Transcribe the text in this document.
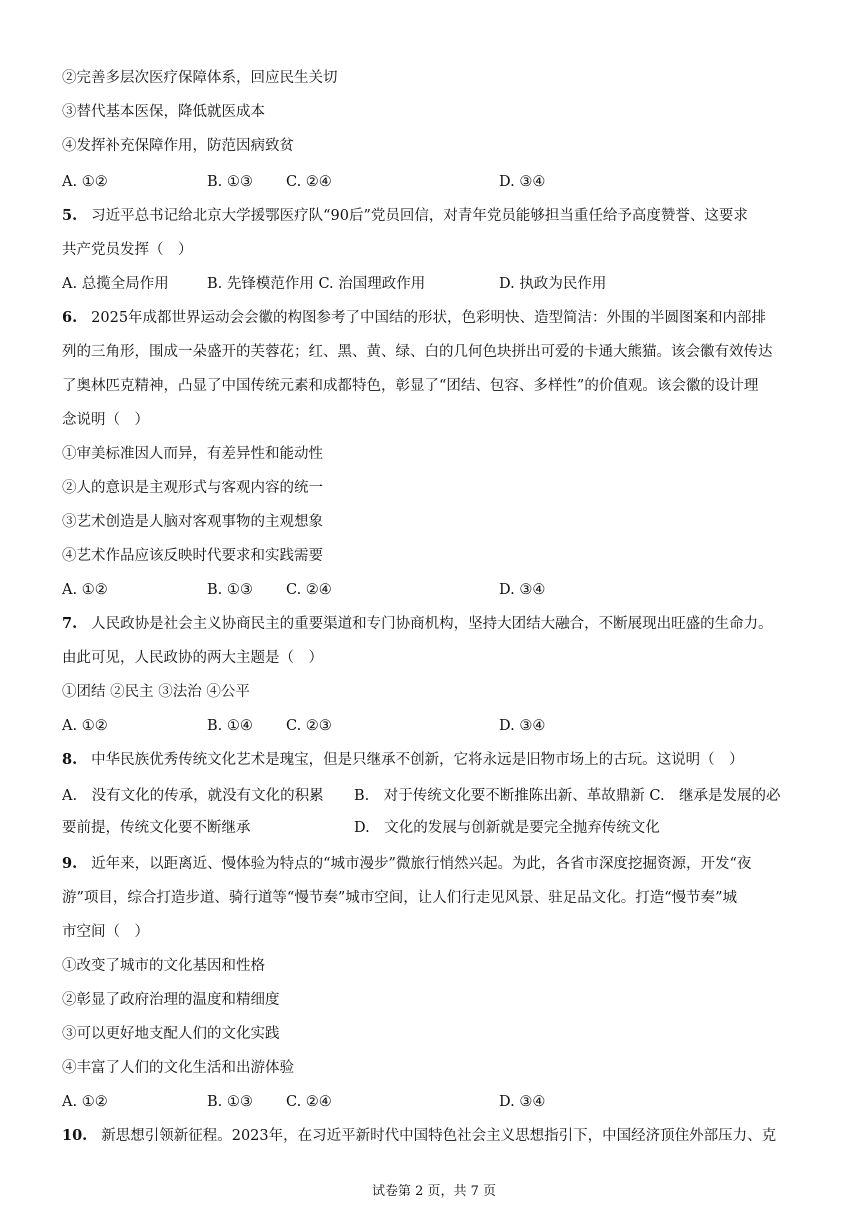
②完善多层次医疗保障体系，回应民生关切
③替代基本医保，降低就医成本
④发挥补充保障作用，防范因病致贫
A. ①②	B. ①③ C. ②④	D. ③④
5. 习近平总书记给北京大学援鄂医疗队“90后”党员回信，对青年党员能够担当重任给予高度赞誉、这要求
共产党员发挥（　）
A. 总揽全局作用	B. 先锋模范作用 C. 治国理政作用	D. 执政为民作用
6. 2025年成都世界运动会会徽的构图参考了中国结的形状，色彩明快、造型简洁：外围的半圆图案和内部排
列的三角形，围成一朵盛开的芙蓉花；红、黑、黄、绿、白的几何色块拼出可爱的卡通大熊猫。该会徽有效传达
了奥林匹克精神，凸显了中国传统元素和成都特色，彰显了“团结、包容、多样性”的价值观。该会徽的设计理
念说明（　）
①审美标准因人而异，有差异性和能动性
②人的意识是主观形式与客观内容的统一
③艺术创造是人脑对客观事物的主观想象
④艺术作品应该反映时代要求和实践需要
A. ①②	B. ①③ C. ②④	D. ③④
7. 人民政协是社会主义协商民主的重要渠道和专门协商机构，坚持大团结大融合，不断展现出旺盛的生命力。
由此可见，人民政协的两大主题是（　）
①团结 ②民主 ③法治 ④公平
A. ①②	B. ①④ C. ②③	D. ③④
8. 中华民族优秀传统文化艺术是瑰宝，但是只继承不创新，它将永远是旧物市场上的古玩。这说明（　）
A.　没有文化的传承，就没有文化的积累 B.　对于传统文化要不断推陈出新、革故鼎新 C.　继承是发展的必
要前提，传统文化要不断继承	D.　文化的发展与创新就是要完全抛弃传统文化
9. 近年来，以距离近、慢体验为特点的“城市漫步”微旅行悄然兴起。为此，各省市深度挖掘资源，开发“夜
游”项目，综合打造步道、骑行道等“慢节奏”城市空间，让人们行走见风景、驻足品文化。打造“慢节奏”城
市空间（　）
①改变了城市的文化基因和性格
②彰显了政府治理的温度和精细度
③可以更好地支配人们的文化实践
④丰富了人们的文化生活和出游体验
A. ①②	B. ①③ C. ②④	D. ③④
10. 新思想引领新征程。2023年，在习近平新时代中国特色社会主义思想指引下，中国经济顶住外部压力、克
试卷第 2 页，共 7 页
